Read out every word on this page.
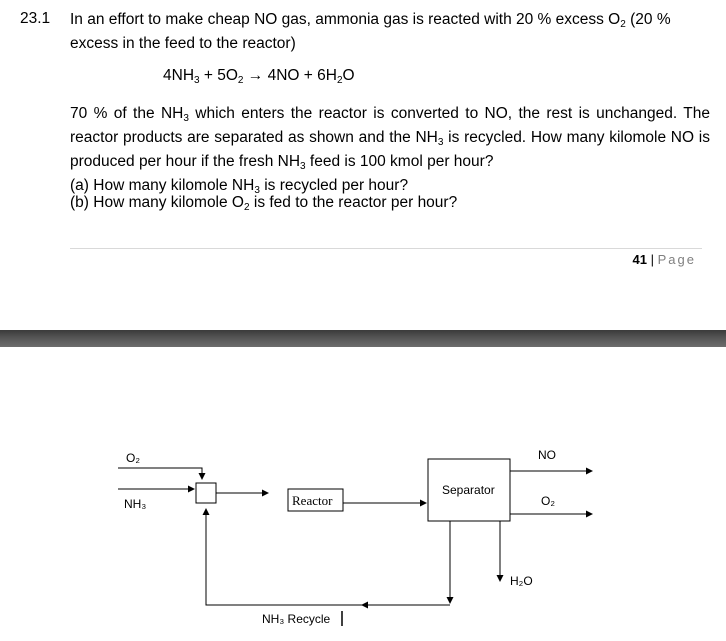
23.1 In an effort to make cheap NO gas, ammonia gas is reacted with 20 % excess $O_2$ (20 %
excess in the feed to the reactor)

$4NH_3 + 5O_2 \to 4NO + 6H_2O$

70 % of the $NH_3$ which enters the reactor is converted to NO, the rest is unchanged. The reactor products are separated as shown and the $NH_3$ is recycled. How many kilomole NO is produced per hour if the fresh $NH_3$ feed is 100 kmol per hour?

(a) How many kilomole $NH_3$ is recycled per hour?
(b) How many kilomole $O_2$ is fed to the reactor per hour?
41 | Page
O₂
NH₃
NO
O₂
H₂O
NH₃ Recycle
Reactor
Separator
